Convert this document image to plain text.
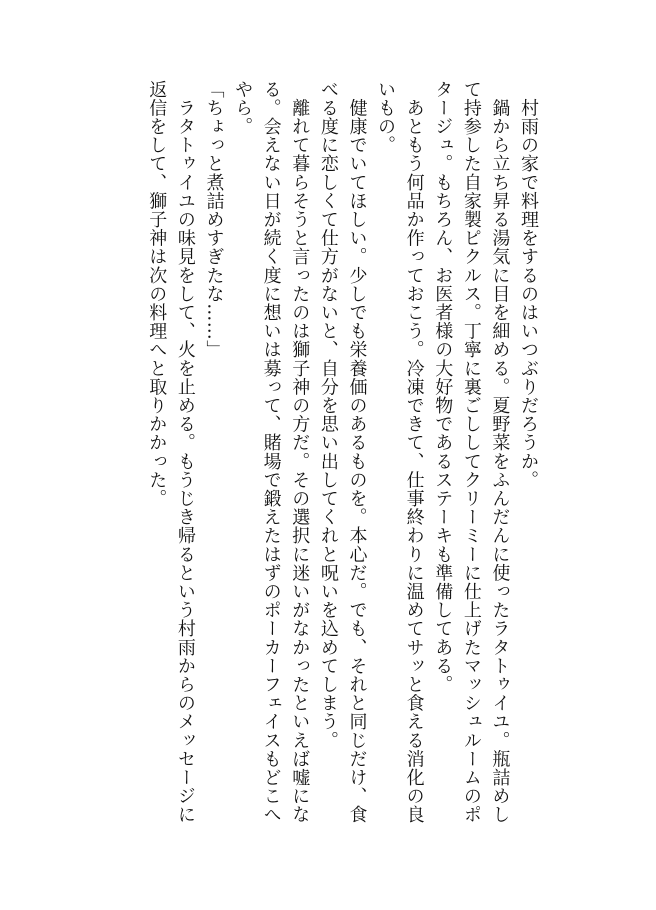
　村雨の家で料理をするのはいつぶりだろうか。

　鍋から立ち昇る湯気に目を細める。夏野菜をふんだんに使ったラタトゥイユ。瓶詰めし
て持参した自家製ピクルス。丁寧に裏ごししてクリーミーに仕上げたマッシュルームのポ
タージュ。もちろん、お医者様の大好物であるステーキも準備してある。

　あともう何品か作っておこう。冷凍できて、仕事終わりに温めてサッと食える消化の良
いもの。

　健康でいてほしい。少しでも栄養価のあるものを。本心だ。でも、それと同じだけ、食
べる度に恋しくて仕方がないと、自分を思い出してくれと呪いを込めてしまう。

　離れて暮らそうと言ったのは獅子神の方だ。その選択に迷いがなかったといえば嘘にな
る。会えない日が続く度に想いは募って、賭場で鍛えたはずのポーカーフェイスもどこへ
やら。

「ちょっと煮詰めすぎたな……」

　ラタトゥイユの味見をして、火を止める。もうじき帰るという村雨からのメッセージに
返信をして、獅子神は次の料理へと取りかかった。
